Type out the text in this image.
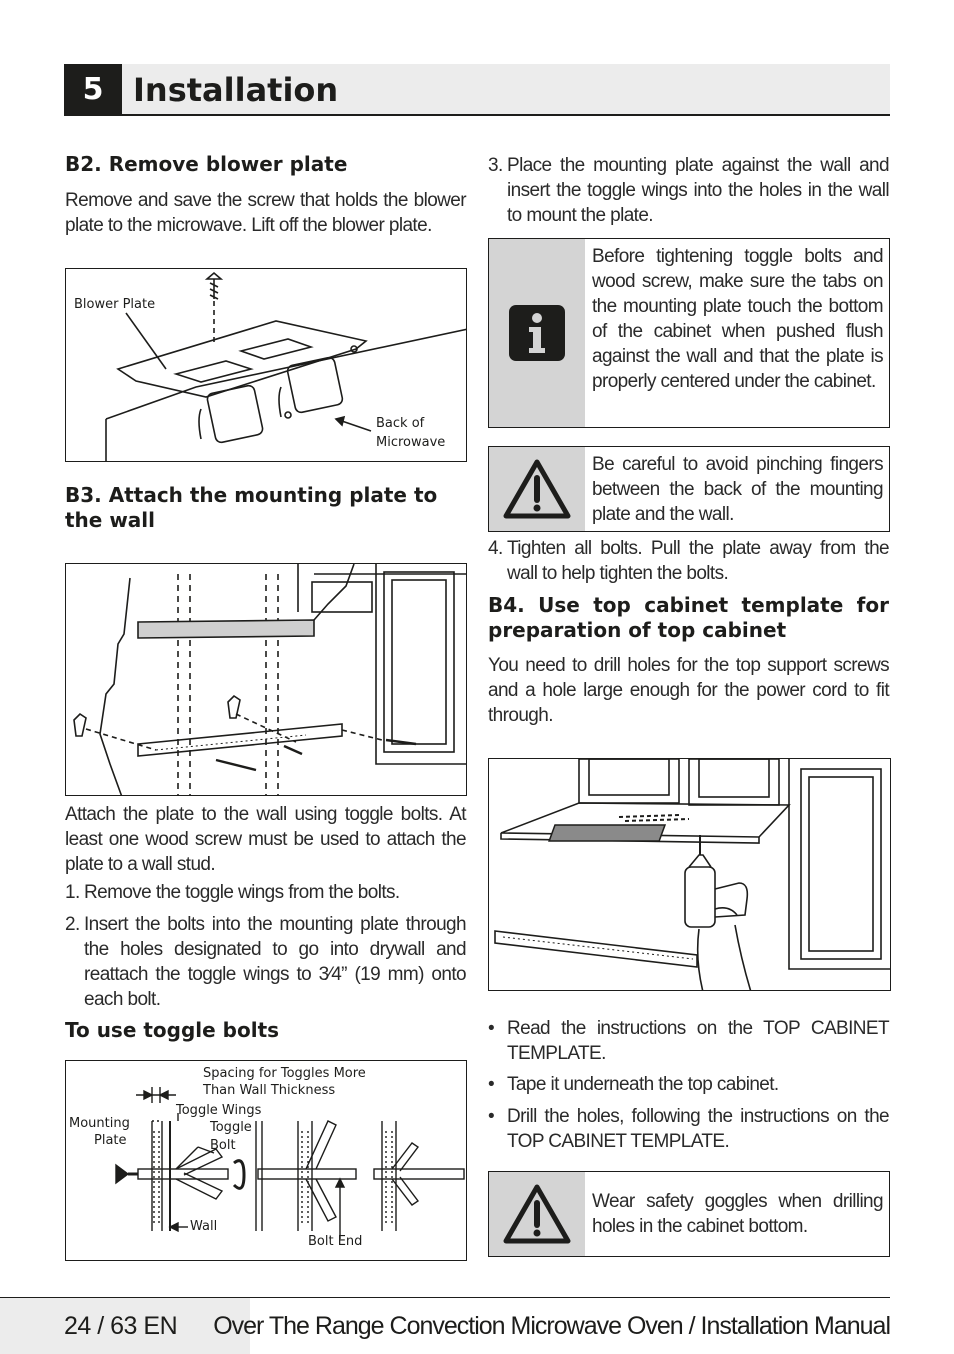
5 Installation
B2. Remove blower plate

Remove and save the screw that holds the blower plate to the microwave. Lift off the blower plate.

Blower Plate
Back of
Microwave
B3. Attach the mounting plate to the wall

Attach the plate to the wall using toggle bolts. At least one wood screw must be used to attach the plate to a wall stud.

1. Remove the toggle wings from the bolts.
2. Insert the bolts into the mounting plate through the holes designated to go into drywall and reattach the toggle wings to 3⁄4” (19 mm) onto each bolt.
To use toggle bolts
Spacing for Toggles More
Than Wall Thickness
Toggle Wings
Mounting
Plate
Toggle
Bolt
Wall
Bolt End
3. Place the mounting plate against the wall and insert the toggle wings into the holes in the wall to mount the plate.
Before tightening toggle bolts and wood screw, make sure the tabs on the mounting plate touch the bottom of the cabinet when pushed flush against the wall and that the plate is properly centered under the cabinet.
Be careful to avoid pinching fingers between the back of the mounting plate and the wall.
4. Tighten all bolts. Pull the plate away from the wall to help tighten the bolts.
B4. Use top cabinet template for preparation of top cabinet

You need to drill holes for the top support screws and a hole large enough for the power cord to fit through.

• Read the instructions on the TOP CABINET TEMPLATE.
• Tape it underneath the top cabinet.
• Drill the holes, following the instructions on the TOP CABINET TEMPLATE.
Wear safety goggles when drilling holes in the cabinet bottom.
24 / 63 EN Over The Range Convection Microwave Oven / Installation Manual
